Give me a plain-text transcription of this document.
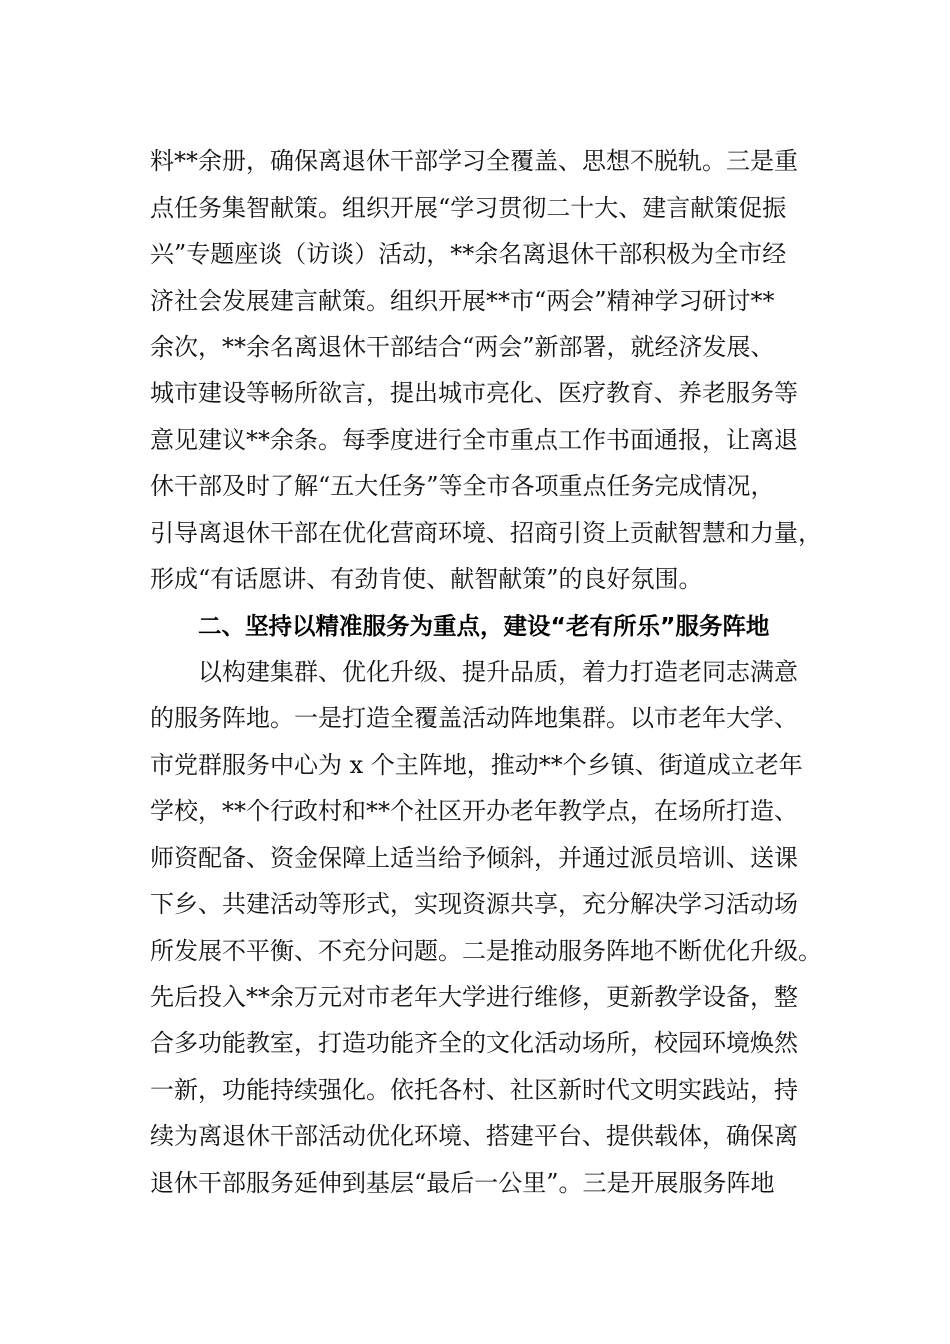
料**余册，确保离退休干部学习全覆盖、思想不脱轨。三是重
点任务集智献策。组织开展“学习贯彻二十大、建言献策促振
兴”专题座谈（访谈）活动，**余名离退休干部积极为全市经
济社会发展建言献策。组织开展**市“两会”精神学习研讨**
余次，**余名离退休干部结合“两会”新部署，就经济发展、
城市建设等畅所欲言，提出城市亮化、医疗教育、养老服务等
意见建议**余条。每季度进行全市重点工作书面通报，让离退
休干部及时了解“五大任务”等全市各项重点任务完成情况，
引导离退休干部在优化营商环境、招商引资上贡献智慧和力量，
形成“有话愿讲、有劲肯使、献智献策”的良好氛围。
二、坚持以精准服务为重点，建设“老有所乐”服务阵地
以构建集群、优化升级、提升品质，着力打造老同志满意
的服务阵地。一是打造全覆盖活动阵地集群。以市老年大学、
市党群服务中心为 x 个主阵地，推动**个乡镇、街道成立老年
学校，**个行政村和**个社区开办老年教学点，在场所打造、
师资配备、资金保障上适当给予倾斜，并通过派员培训、送课
下乡、共建活动等形式，实现资源共享，充分解决学习活动场
所发展不平衡、不充分问题。二是推动服务阵地不断优化升级。
先后投入**余万元对市老年大学进行维修，更新教学设备，整
合多功能教室，打造功能齐全的文化活动场所，校园环境焕然
一新，功能持续强化。依托各村、社区新时代文明实践站，持
续为离退休干部活动优化环境、搭建平台、提供载体，确保离
退休干部服务延伸到基层“最后一公里”。三是开展服务阵地
